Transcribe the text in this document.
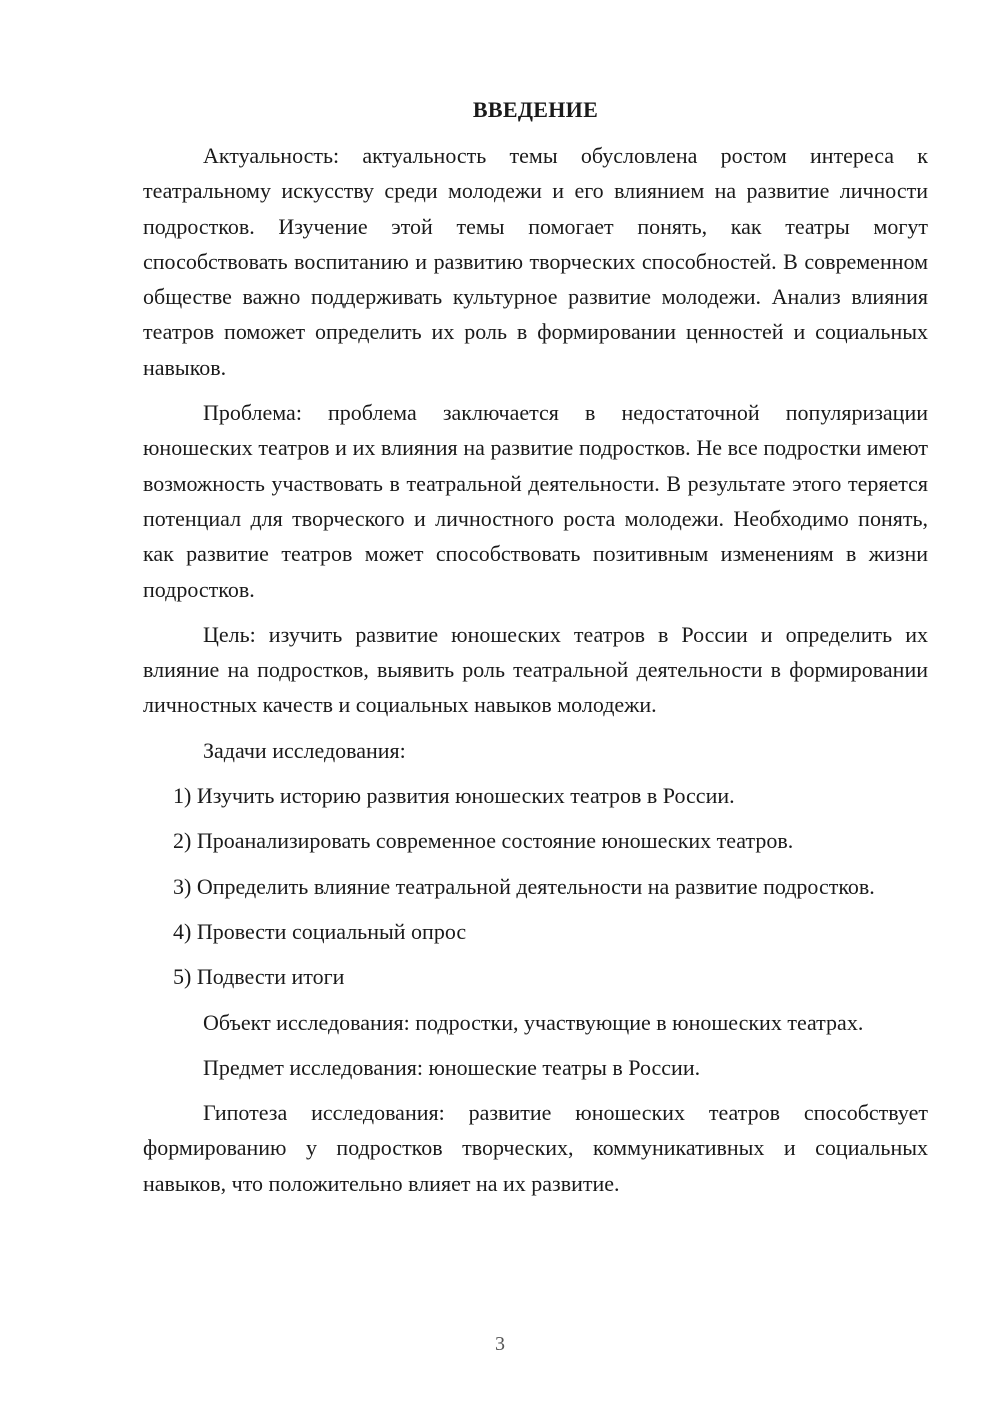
ВВЕДЕНИЕ

Актуальность: актуальность темы обусловлена ростом интереса к театральному искусству среди молодежи и его влиянием на развитие личности подростков. Изучение этой темы помогает понять, как театры могут способствовать воспитанию и развитию творческих способностей. В современном обществе важно поддерживать культурное развитие молодежи. Анализ влияния театров поможет определить их роль в формировании ценностей и социальных навыков.

Проблема: проблема заключается в недостаточной популяризации юношеских театров и их влияния на развитие подростков. Не все подростки имеют возможность участвовать в театральной деятельности. В результате этого теряется потенциал для творческого и личностного роста молодежи. Необходимо понять, как развитие театров может способствовать позитивным изменениям в жизни подростков.

Цель: изучить развитие юношеских театров в России и определить их влияние на подростков, выявить роль театральной деятельности в формировании личностных качеств и социальных навыков молодежи.

Задачи исследования:

1) Изучить историю развития юношеских театров в России.

2) Проанализировать современное состояние юношеских театров.

3) Определить влияние театральной деятельности на развитие подростков.

4) Провести социальный опрос

5) Подвести итоги

Объект исследования: подростки, участвующие в юношеских театрах.

Предмет исследования: юношеские театры в России.

Гипотеза исследования: развитие юношеских театров способствует формированию у подростков творческих, коммуникативных и социальных навыков, что положительно влияет на их развитие.

3
